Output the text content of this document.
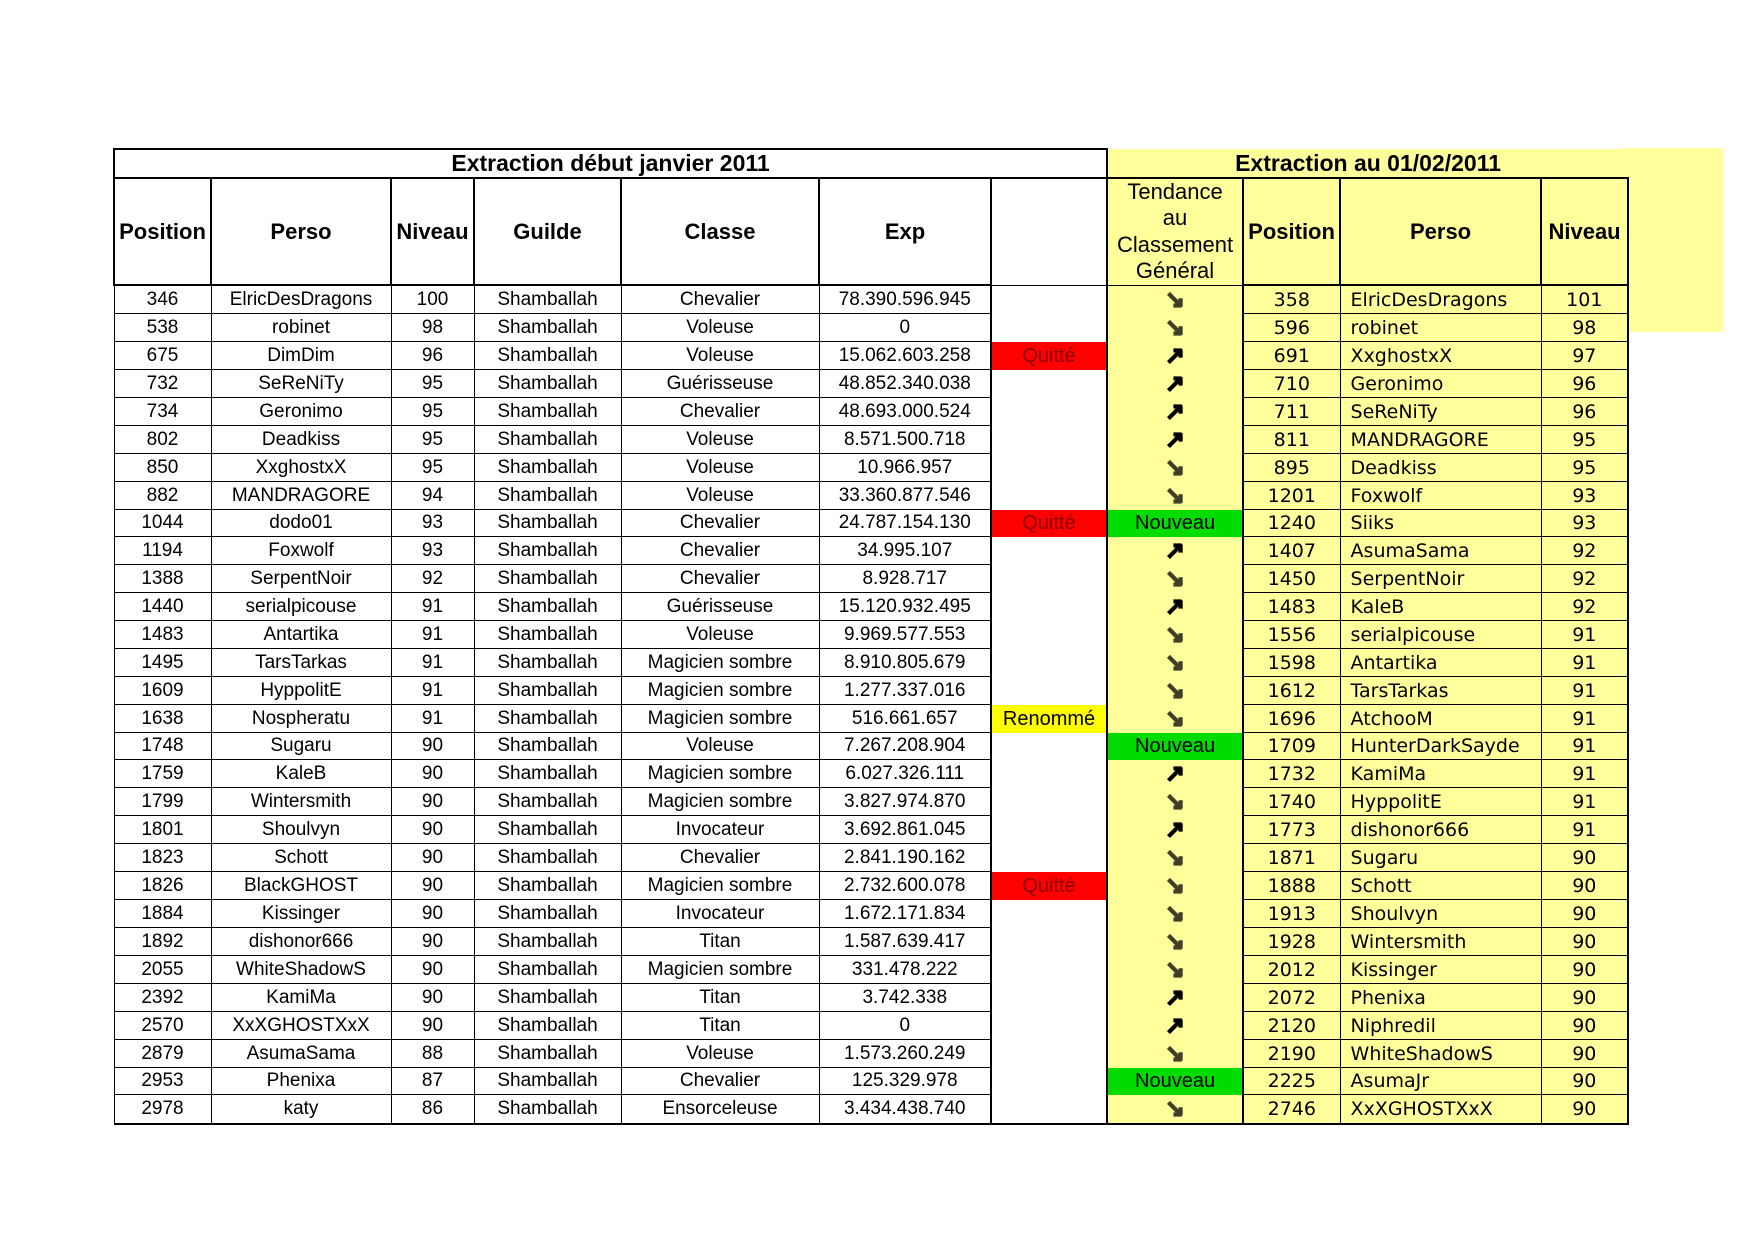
Extraction début janvier 2011							Extraction au 01/02/2011			
Position	Perso	Niveau	Guilde	Classe	Exp		Tendance au Classement Général	Position	Perso	Niveau
346	ElricDesDragons	100	Shamballah	Chevalier	78.390.596.945		↘	358	ElricDesDragons	101
538	robinet	98	Shamballah	Voleuse	0		↘	596	robinet	98
675	DimDim	96	Shamballah	Voleuse	15.062.603.258	Quitté	↗	691	XxghostxX	97
732	SeReNiTy	95	Shamballah	Guérisseuse	48.852.340.038		↗	710	Geronimo	96
734	Geronimo	95	Shamballah	Chevalier	48.693.000.524		↗	711	SeReNiTy	96
802	Deadkiss	95	Shamballah	Voleuse	8.571.500.718		↗	811	MANDRAGORE	95
850	XxghostxX	95	Shamballah	Voleuse	10.966.957		↘	895	Deadkiss	95
882	MANDRAGORE	94	Shamballah	Voleuse	33.360.877.546		↘	1201	Foxwolf	93
1044	dodo01	93	Shamballah	Chevalier	24.787.154.130	Quitté	Nouveau	1240	Siiks	93
1194	Foxwolf	93	Shamballah	Chevalier	34.995.107		↗	1407	AsumaSama	92
1388	SerpentNoir	92	Shamballah	Chevalier	8.928.717		↘	1450	SerpentNoir	92
1440	serialpicouse	91	Shamballah	Guérisseuse	15.120.932.495		↗	1483	KaleB	92
1483	Antartika	91	Shamballah	Voleuse	9.969.577.553		↘	1556	serialpicouse	91
1495	TarsTarkas	91	Shamballah	Magicien sombre	8.910.805.679		↘	1598	Antartika	91
1609	HyppolitE	91	Shamballah	Magicien sombre	1.277.337.016		↘	1612	TarsTarkas	91
1638	Nospheratu	91	Shamballah	Magicien sombre	516.661.657	Renommé	↘	1696	AtchooM	91
1748	Sugaru	90	Shamballah	Voleuse	7.267.208.904		Nouveau	1709	HunterDarkSayde	91
1759	KaleB	90	Shamballah	Magicien sombre	6.027.326.111		↗	1732	KamiMa	91
1799	Wintersmith	90	Shamballah	Magicien sombre	3.827.974.870		↘	1740	HyppolitE	91
1801	Shoulvyn	90	Shamballah	Invocateur	3.692.861.045		↗	1773	dishonor666	91
1823	Schott	90	Shamballah	Chevalier	2.841.190.162		↘	1871	Sugaru	90
1826	BlackGHOST	90	Shamballah	Magicien sombre	2.732.600.078	Quitté	↘	1888	Schott	90
1884	Kissinger	90	Shamballah	Invocateur	1.672.171.834		↘	1913	Shoulvyn	90
1892	dishonor666	90	Shamballah	Titan	1.587.639.417		↘	1928	Wintersmith	90
2055	WhiteShadowS	90	Shamballah	Magicien sombre	331.478.222		↘	2012	Kissinger	90
2392	KamiMa	90	Shamballah	Titan	3.742.338		↗	2072	Phenixa	90
2570	XxXGHOSTXxX	90	Shamballah	Titan	0		↗	2120	Niphredil	90
2879	AsumaSama	88	Shamballah	Voleuse	1.573.260.249		↘	2190	WhiteShadowS	90
2953	Phenixa	87	Shamballah	Chevalier	125.329.978		Nouveau	2225	AsumaJr	90
2978	katy	86	Shamballah	Ensorceleuse	3.434.438.740		↘	2746	XxXGHOSTXxX	90
